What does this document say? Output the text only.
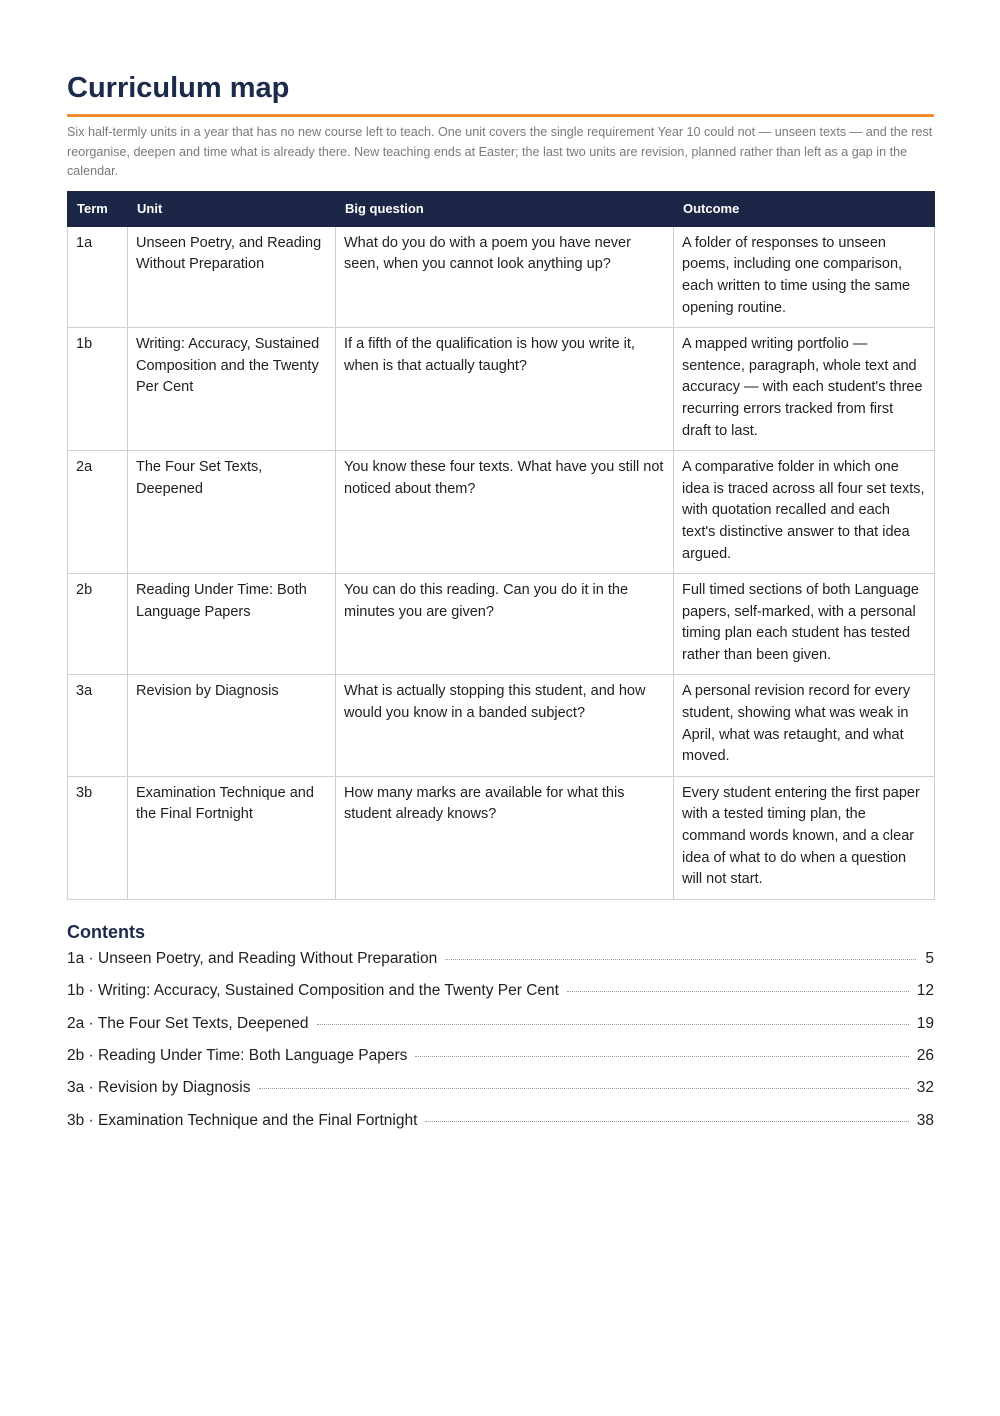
Curriculum map

Six half-termly units in a year that has no new course left to teach. One unit covers the single requirement Year 10 could not — unseen texts — and the rest reorganise, deepen and time what is already there. New teaching ends at Easter; the last two units are revision, planned rather than left as a gap in the calendar.

Term	Unit	Big question	Outcome
1a	Unseen Poetry, and Reading Without Preparation	What do you do with a poem you have never seen, when you cannot look anything up?	A folder of responses to unseen poems, including one comparison, each written to time using the same opening routine.
1b	Writing: Accuracy, Sustained Composition and the Twenty Per Cent	If a fifth of the qualification is how you write it, when is that actually taught?	A mapped writing portfolio — sentence, paragraph, whole text and accuracy — with each student's three recurring errors tracked from first draft to last.
2a	The Four Set Texts, Deepened	You know these four texts. What have you still not noticed about them?	A comparative folder in which one idea is traced across all four set texts, with quotation recalled and each text's distinctive answer to that idea argued.
2b	Reading Under Time: Both Language Papers	You can do this reading. Can you do it in the minutes you are given?	Full timed sections of both Language papers, self-marked, with a personal timing plan each student has tested rather than been given.
3a	Revision by Diagnosis	What is actually stopping this student, and how would you know in a banded subject?	A personal revision record for every student, showing what was weak in April, what was retaught, and what moved.
3b	Examination Technique and the Final Fortnight	How many marks are available for what this student already knows?	Every student entering the first paper with a tested timing plan, the command words known, and a clear idea of what to do when a question will not start.
Contents
1a · Unseen Poetry, and Reading Without Preparation	5
1b · Writing: Accuracy, Sustained Composition and the Twenty Per Cent	12
2a · The Four Set Texts, Deepened	19
2b · Reading Under Time: Both Language Papers	26
3a · Revision by Diagnosis	32
3b · Examination Technique and the Final Fortnight	38
